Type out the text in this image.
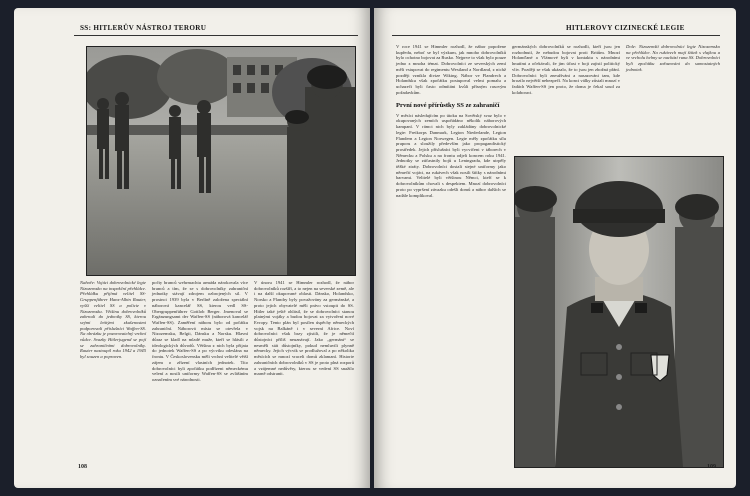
SS: HITLERŮV NÁSTROJ TERORU
Nahoře: Vojáci dobrovolnické legie Nizozemsko na inspekční přehlídce. Přehlídku přijímá velitel SS-Gruppenführer Hans-Albin Rauter, vyšší velitel SS a policie v Nizozemsku. Většinu dobrovolníků zahrnuli do jednotky SS, kterou svými letitými zkušenostmi podporovali příslušníci Waffen-SS. Na obrázku je pozorovatelný vrchní vůdce. Svazky Hitlerjugend se pojí se zahraničními dobrovolníky. Rauter nastoupil roku 1942 a 1945 byl souzen a popraven.
počty branců wehrmachtu armáda nárokovala více branců a tím, že se s dobrovolníky zahraniční jednotky stávají zdrojem ozbrojených sil. V prosinci 1939 byla v Berlíně založena speciální náborová kancelář SS, kterou vedl SS-Obergruppenführer Gottlob Berger. Jmenoval se Ergänzungsamt der Waffen-SS (náborová kancelář Waffen-SS). Zaměření náboru bylo od počátku zahraniční. Náborová místa se otevřela v Nizozemsku, Belgii, Dánsku a Norsku. Hlavní důraz se kladl na mladé muže, kteří se hlásili z ideologických důvodů. Většina z nich byla přijata do jednotek Waffen-SS a po výcviku odeslána na frontu. V Československu měli vrchní velitelé větší zájem o zřízení vlastních jednotek. Tito dobrovolníci byli zpočátku podřízeni německému velení a nosili uniformy Waffen-SS se zvláštním označením své národnosti.
V únoru 1941 se Himmler rozhodl, že nábor dobrovolníků rozšíří, a to nejen na severské země, ale i na další okupované oblasti. Dánsko, Holandsko, Norsko a Flandry byly považovány za germánské, a proto jejich obyvatelé měli právo vstoupit do SS. Hitler také ještě ohlásil, že se dobrovolníci stanou platnými vojáky a budou bojovat za vytvoření nové Evropy. Tento plán byl posílen úspěchy německých vojsk na Balkáně i v severní Africe. Noví dobrovolníci však brzy zjistili, že je němečtí důstojníci příliš neuznávají. Jako „germáni“ se nesměli stát důstojníky, pokud nemluvili plynně německy. Jejich výcvik se prodlužoval a po několika měsících se mnozí vraceli domů zklamaní. Historie zahraničních dobrovolníků v SS je proto plná rozporů a vzájemné nedůvěry, kterou se vedení SS snažilo marně odstranit.
108
HITLEROVY CIZINECKÉ LEGIE
V roce 1941 se Himmler rozhodl, že nábor popožene kupředu, neboť se byl výzkum, jak mnoho dobrovolníků bylo ochotno bojovat za Rusko. Nejprve to však bylo pouze jedno z mnoha témat. Dobrovolníci ze severských zemí měli vstupovat do regimentu Westland a Nordland, z nichž později vznikla divize Wiking. Nábor ve Flandrech a Holandsku však zpočátku postupoval velmi pomalu a uchazeči byli často odmítáni kvůli přísným rasovým požadavkům.
První nové přírůstky SS ze zahraničí
V měsíci následujícím po útoku na Sovětský svaz bylo v okupovaných zemích uspořádáno několik náborových kampaní. V rámci nich byly zakládány dobrovolnické legie: Freikorps Danmark, Legion Niederlande, Legion Flandern a Legion Norwegen. Legie měly zpočátku sílu praporu a sloužily především jako propagandistický prostředek. Jejich příslušníci byli vycvičeni v táborech v Německu a Polsku a na frontu odjeli koncem roku 1941. Jednotky se zúčastnily bojů u Leningradu, kde utrpěly těžké ztráty. Dobrovolníci dostali stejné uniformy jako němečtí vojáci, na rukávech však nosili štítky s národními barvami. Velitelé byli většinou Němci, kteří se k dobrovolníkům chovali s despektem. Mnozí dobrovolníci proto po vypršení závazku odešli domů a nábor dalších se nadále komplikoval.
germánských dobrovolníků se rozhodli, kteří jsou jen rozhodnutí, že nebudou bojovat proti Britům. Mnozí Holanďané a Vlámové byli v kontaktu s národními hnutími a očekávali, že jim účast v boji zajistí politický vliv. Později se však ukázalo, že to jsou jen zbožná přání. Dobrovolníci byli zneužíváni a nasazováni tam, kde hrozilo největší nebezpečí. Na konci války zůstali mnozí v řadách Waffen-SS jen proto, že doma je čekal soud za kolaboraci.
Dole: Nizozemští dobrovolníci legie Nizozemsko na přehlídce. Na rukávech mají štítek s vlajkou a ve vrcholu helmy se nachází runa SS. Dobrovolníci byli zpočátku zařazováni do samostatných jednotek.
109
